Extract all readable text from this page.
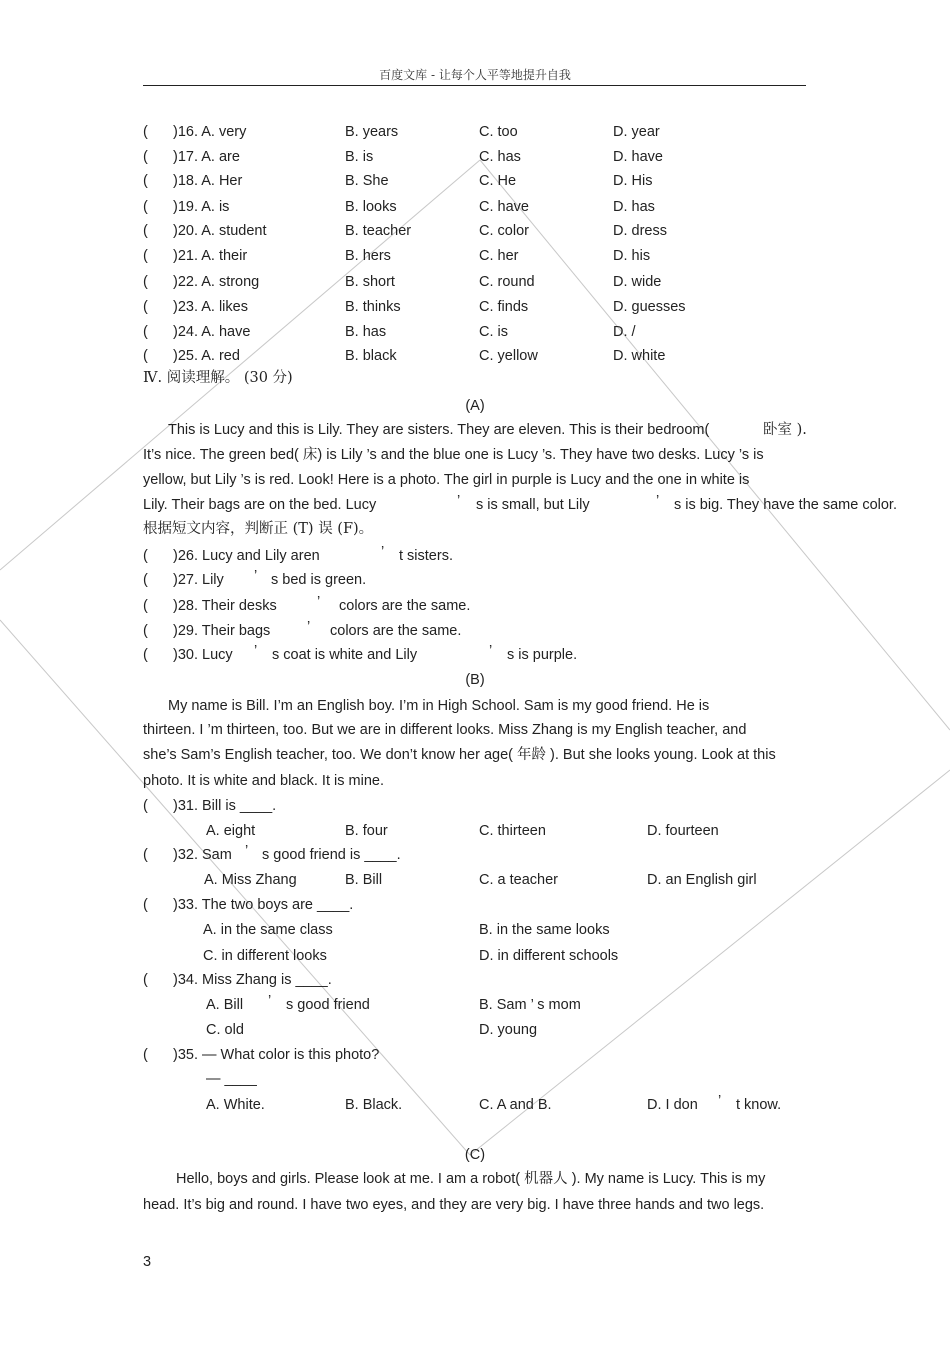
百度文库 - 让每个人平等地提升自我
( )16. A. very	B. years	C. too	D. year
( )17. A. are	B. is	C. has	D. have
( )18. A. Her	B. She	C. He	D. His
( )19. A. is	B. looks	C. have	D. has
( )20. A. student	B. teacher	C. color	D. dress
( )21. A. their	B. hers	C. her	D. his
( )22. A. strong	B. short	C. round	D. wide
( )23. A. likes	B. thinks	C. finds	D. guesses
( )24. A. have	B. has	C. is	D. /
( )25. A. red	B. black	C. yellow	D. white
Ⅳ. 阅读理解。 (30 分)
(A)
This is Lucy and this is Lily. They are sisters. They are eleven. This is their bedroom(	卧室 ).
It’s nice. The green bed( 床) is Lily ’s and the blue one is Lucy ’s. They have two desks. Lucy ’s is
yellow, but Lily ’s is red. Look! Here is a photo. The girl in purple is Lucy and the one in white is
Lily. Their bags are on the bed. Lucy	’ s is small, but Lily	’ s is big. They have the same color.
根据短文内容，判断正 (T) 误 (F)。
( )26. Lucy and Lily aren	’ t sisters.
( )27. Lily ’ s bed is green.
( )28. Their desks	’ colors are the same.
( )29. Their bags	’ colors are the same.
( )30. Lucy ’ s coat is white and Lily	’ s is purple.
(B)
My name is Bill. I’m an English boy. I’m in High School. Sam is my good friend. He is
thirteen. I ’m thirteen, too. But we are in different looks. Miss Zhang is my English teacher, and
she’s Sam’s English teacher, too. We don’t know her age( 年龄 ). But she looks young. Look at this
photo. It is white and black. It is mine.
( )31. Bill is ____.
A. eight	B. four	C. thirteen	D. fourteen
( )32. Sam ’ s good friend is ____.
A. Miss Zhang	B. Bill	C. a teacher	D. an English girl
( )33. The two boys are ____.
A. in the same class	B. in the same looks
C. in different looks	D. in different schools
( )34. Miss Zhang is ____.
A. Bill ’ s good friend	B. Sam ’ s mom
C. old	D. young
( )35. — What color is this photo?
— ____
A. White.	B. Black.	C. A and B.	D. I don ’ t know.
(C)
Hello, boys and girls. Please look at me. I am a robot( 机器人 ). My name is Lucy. This is my
head. It’s big and round. I have two eyes, and they are very big. I have three hands and two legs.
3
